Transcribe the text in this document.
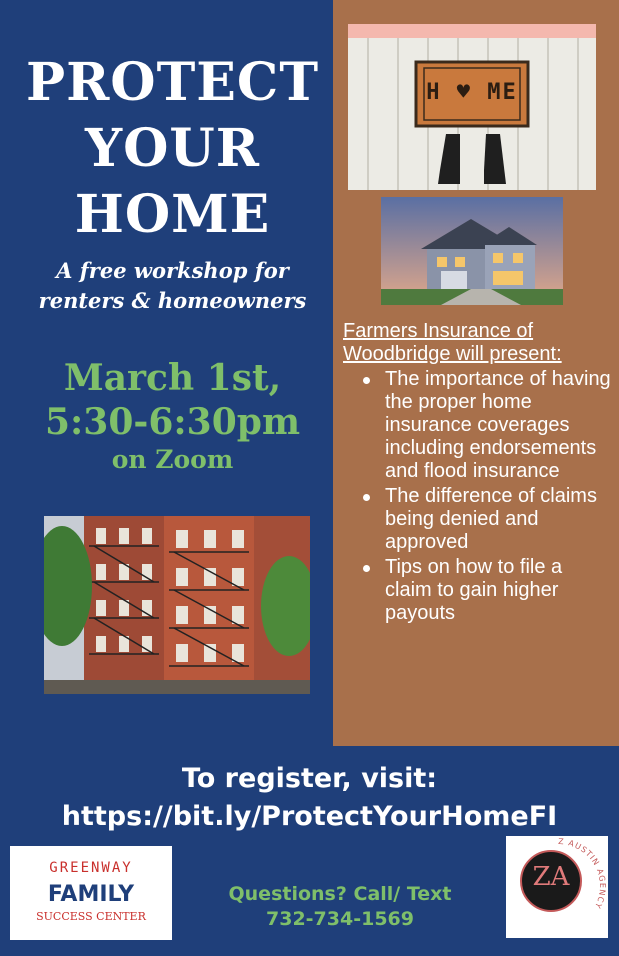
PROTECT
YOUR
HOME
A free workshop for
renters & homeowners
March 1st,
5:30-6:30pm
on Zoom
H ♥ ME
Farmers Insurance of Woodbridge will present:
The importance of having the proper home insurance coverages including endorsements and flood insurance
The difference of claims being denied and approved
Tips on how to file a claim to gain higher payouts
To register, visit:
https://bit.ly/ProtectYourHomeFI
GREENWAY
FAMILY
SUCCESS CENTER
Questions? Call/ Text
732-734-1569
ZA
Z AUSTIN AGENCY
